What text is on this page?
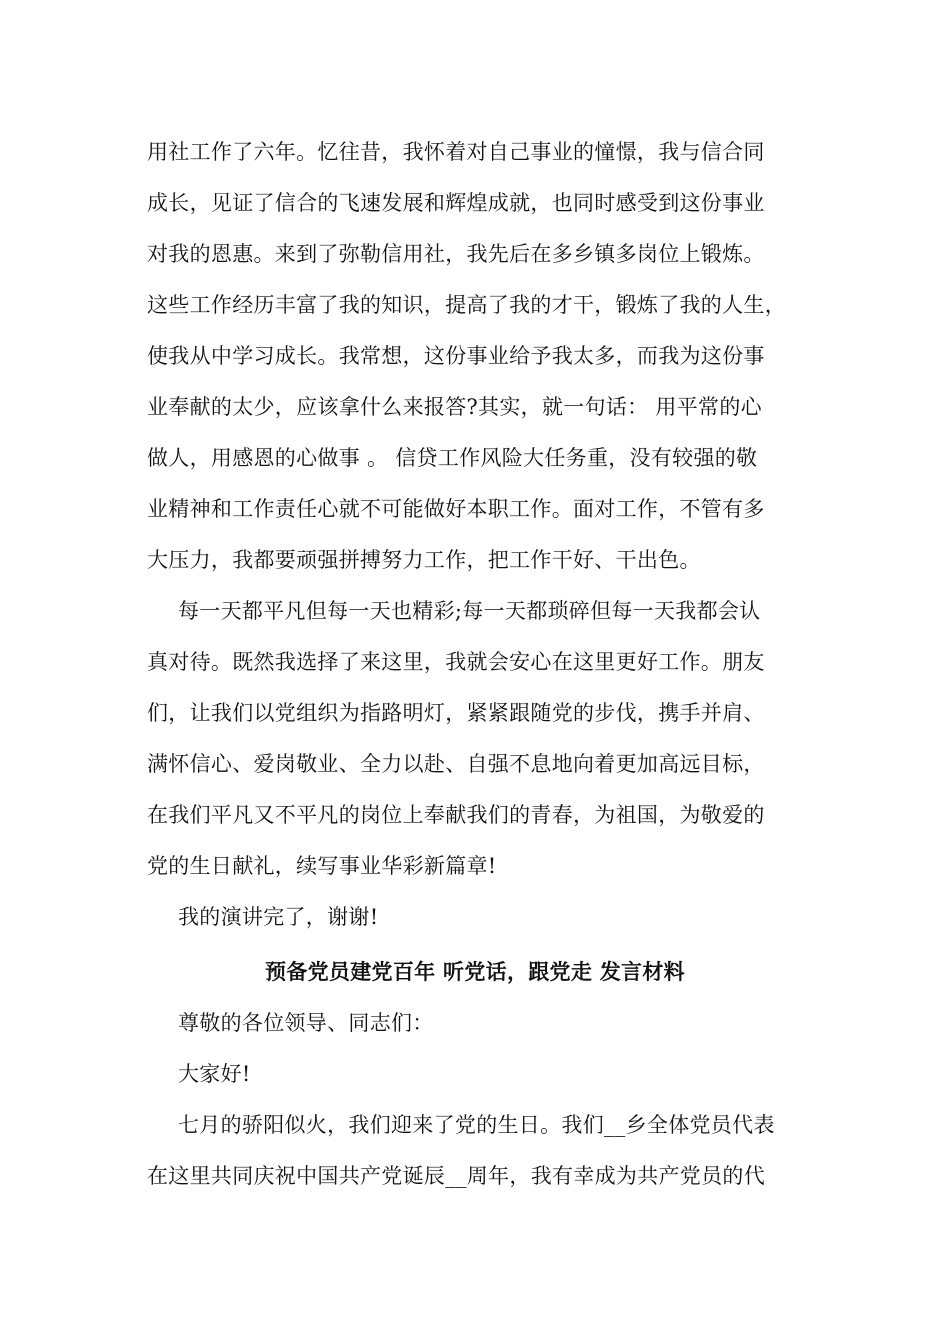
用社工作了六年。忆往昔，我怀着对自己事业的憧憬，我与信合同
成长，见证了信合的飞速发展和辉煌成就，也同时感受到这份事业
对我的恩惠。来到了弥勒信用社，我先后在多乡镇多岗位上锻炼。
这些工作经历丰富了我的知识，提高了我的才干，锻炼了我的人生，
使我从中学习成长。我常想，这份事业给予我太多，而我为这份事
业奉献的太少，应该拿什么来报答?其实，就一句话： 用平常的心
做人，用感恩的心做事 。 信贷工作风险大任务重，没有较强的敬
业精神和工作责任心就不可能做好本职工作。面对工作，不管有多
大压力，我都要顽强拼搏努力工作，把工作干好、干出色。
每一天都平凡但每一天也精彩;每一天都琐碎但每一天我都会认
真对待。既然我选择了来这里，我就会安心在这里更好工作。朋友
们，让我们以党组织为指路明灯，紧紧跟随党的步伐，携手并肩、
满怀信心、爱岗敬业、全力以赴、自强不息地向着更加高远目标，
在我们平凡又不平凡的岗位上奉献我们的青春，为祖国，为敬爱的
党的生日献礼，续写事业华彩新篇章!
我的演讲完了，谢谢!
预备党员建党百年 听党话，跟党走 发言材料
尊敬的各位领导、同志们：
大家好!
七月的骄阳似火，我们迎来了党的生日。我们__乡全体党员代表
在这里共同庆祝中国共产党诞辰__周年，我有幸成为共产党员的代
